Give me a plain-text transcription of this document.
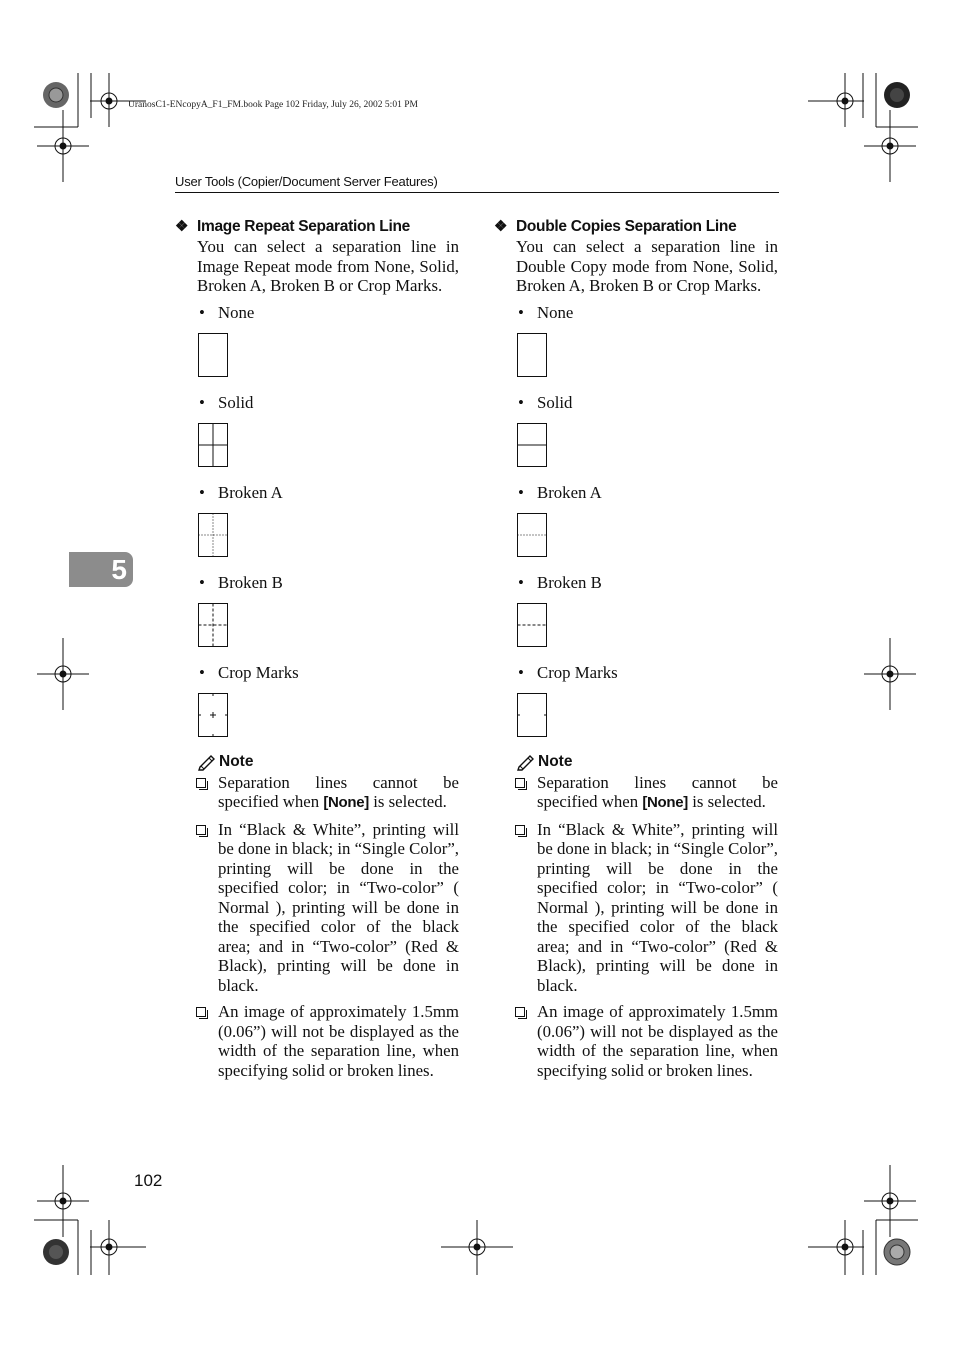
UranosC1-ENcopyA_F1_FM.book Page 102 Friday, July 26, 2002 5:01 PM
User Tools (Copier/Document Server Features)
5
❖ Image Repeat Separation Line
You can select a separation line in Image Repeat mode from None, Solid, Broken A, Broken B or Crop Marks.
• None
• Solid
• Broken A
• Broken B
• Crop Marks
Note
Separation lines cannot be specified when [None] is selected.
In “Black & White”, printing will be done in black; in “Single Color”, printing will be done in the specified color; in “Two-color” ( Normal ), printing will be done in the specified color of the black area; and in “Two-color” (Red & Black), printing will be done in black.
An image of approximately 1.5mm (0.06”) will not be displayed as the width of the separation line, when specifying solid or broken lines.
❖ Double Copies Separation Line
You can select a separation line in Double Copy mode from None, Solid, Broken A, Broken B or Crop Marks.
• None
• Solid
• Broken A
• Broken B
• Crop Marks
Note
Separation lines cannot be specified when [None] is selected.
In “Black & White”, printing will be done in black; in “Single Color”, printing will be done in the specified color; in “Two-color” ( Normal ), printing will be done in the specified color of the black area; and in “Two-color” (Red & Black), printing will be done in black.
An image of approximately 1.5mm (0.06”) will not be displayed as the width of the separation line, when specifying solid or broken lines.
102
